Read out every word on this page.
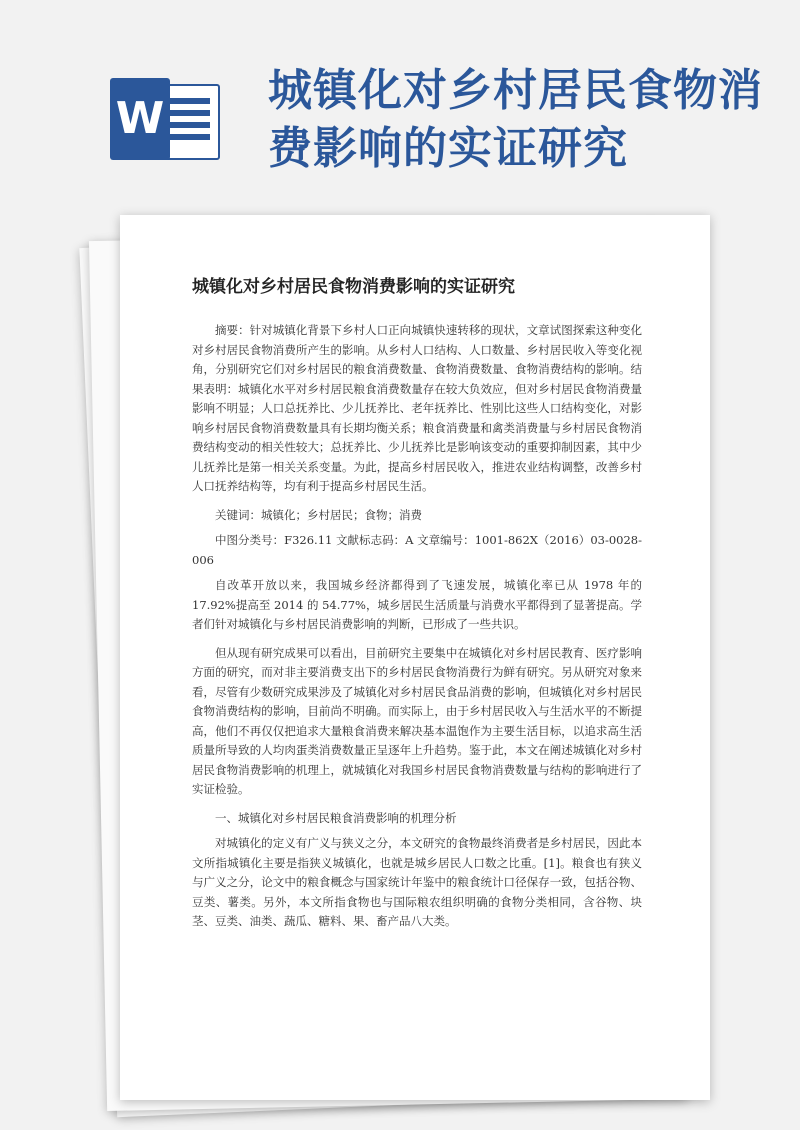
W
城镇化对乡村居民食物消费影响的实证研究
城镇化对乡村居民食物消费影响的实证研究

摘要：针对城镇化背景下乡村人口正向城镇快速转移的现状，文章试图探索这种变化对乡村居民食物消费所产生的影响。从乡村人口结构、人口数量、乡村居民收入等变化视角，分别研究它们对乡村居民的粮食消费数量、食物消费数量、食物消费结构的影响。结果表明：城镇化水平对乡村居民粮食消费数量存在较大负效应，但对乡村居民食物消费量影响不明显；人口总抚养比、少儿抚养比、老年抚养比、性别比这些人口结构变化，对影响乡村居民食物消费数量具有长期均衡关系；粮食消费量和禽类消费量与乡村居民食物消费结构变动的相关性较大；总抚养比、少儿抚养比是影响该变动的重要抑制因素，其中少儿抚养比是第一相关关系变量。为此，提高乡村居民收入，推进农业结构调整，改善乡村人口抚养结构等，均有利于提高乡村居民生活。

关键词：城镇化；乡村居民；食物；消费

中图分类号：F326.11 文献标志码：A 文章编号：1001-862X（2016）03-0028-006

自改革开放以来，我国城乡经济都得到了飞速发展，城镇化率已从 1978 年的 17.92%提高至 2014 的 54.77%，城乡居民生活质量与消费水平都得到了显著提高。学者们针对城镇化与乡村居民消费影响的判断，已形成了一些共识。

但从现有研究成果可以看出，目前研究主要集中在城镇化对乡村居民教育、医疗影响方面的研究，而对非主要消费支出下的乡村居民食物消费行为鲜有研究。另从研究对象来看，尽管有少数研究成果涉及了城镇化对乡村居民食品消费的影响，但城镇化对乡村居民食物消费结构的影响，目前尚不明确。而实际上，由于乡村居民收入与生活水平的不断提高，他们不再仅仅把追求大量粮食消费来解决基本温饱作为主要生活目标，以追求高生活质量所导致的人均肉蛋类消费数量正呈逐年上升趋势。鉴于此，本文在阐述城镇化对乡村居民食物消费影响的机理上，就城镇化对我国乡村居民食物消费数量与结构的影响进行了实证检验。

一、城镇化对乡村居民粮食消费影响的机理分析

对城镇化的定义有广义与狭义之分，本文研究的食物最终消费者是乡村居民，因此本文所指城镇化主要是指狭义城镇化，也就是城乡居民人口数之比重。[1]。粮食也有狭义与广义之分，论文中的粮食概念与国家统计年鉴中的粮食统计口径保存一致，包括谷物、豆类、薯类。另外，本文所指食物也与国际粮农组织明确的食物分类相同，含谷物、块茎、豆类、油类、蔬瓜、糖料、果、畜产品八大类。
